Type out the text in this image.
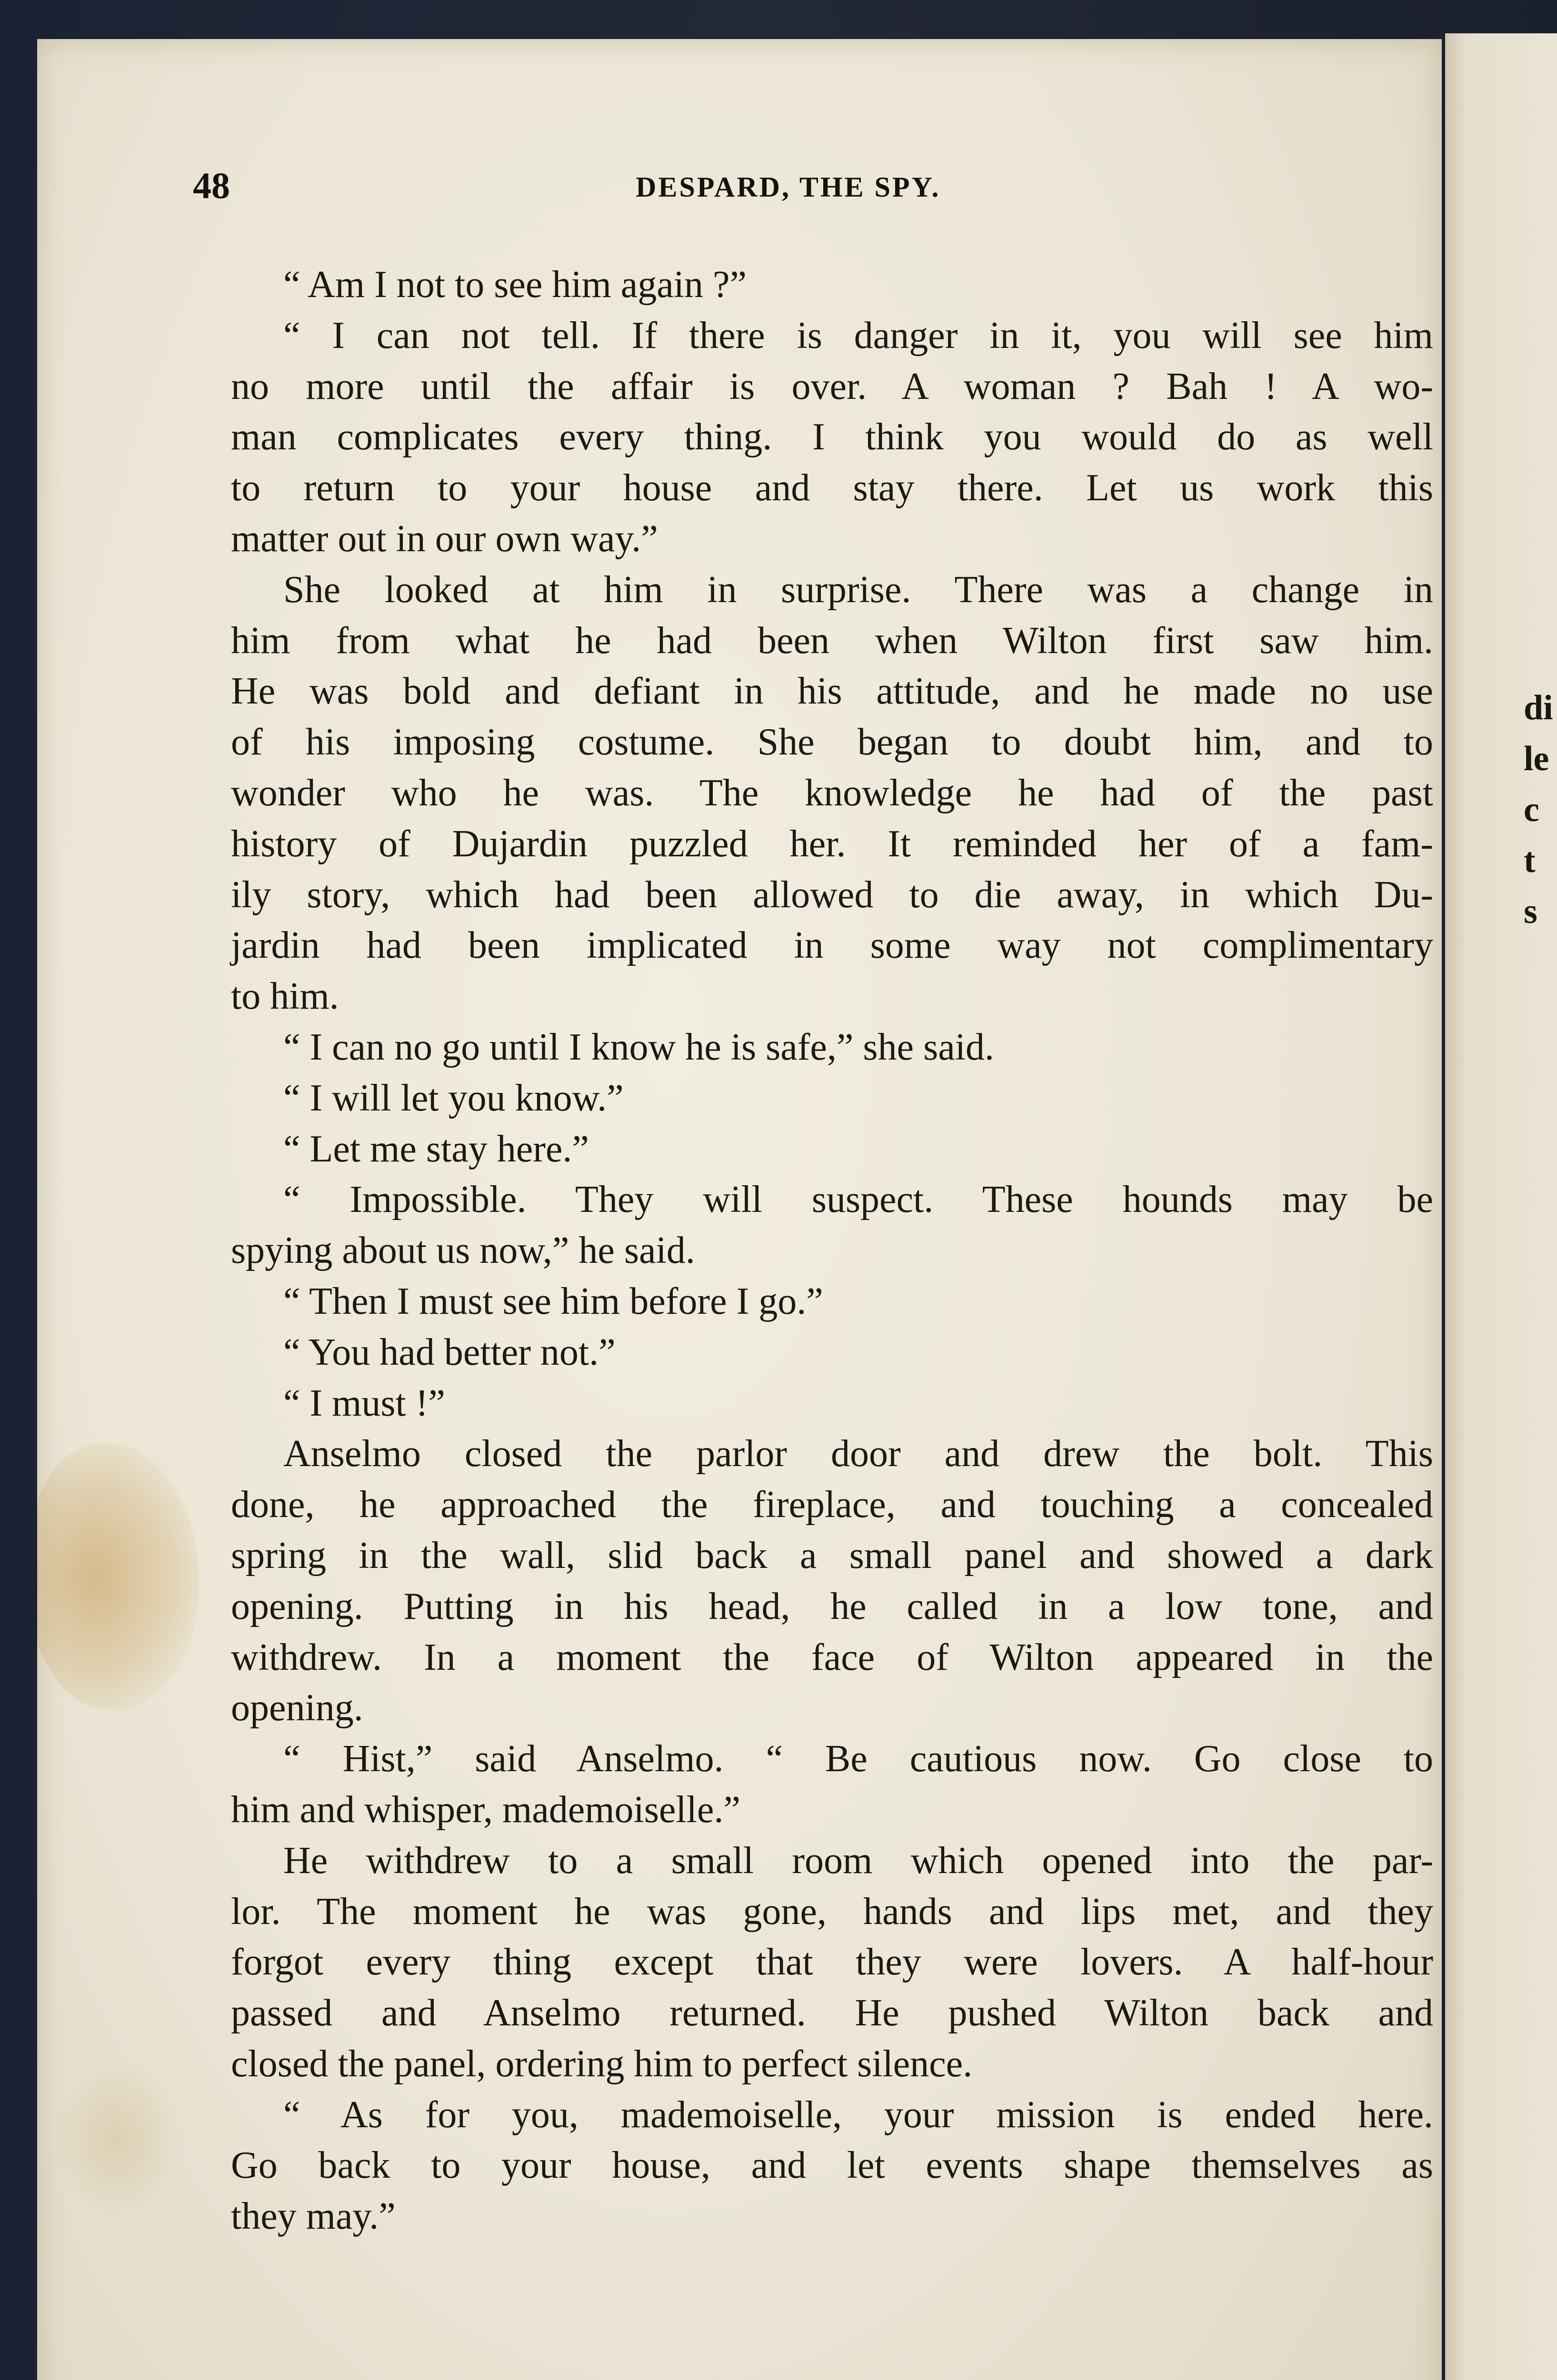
di
le
c
t
s
48	DESPARD, THE SPY.
“ Am I not to see him again ?”
“ I can not tell. If there is danger in it, you will see him
no more until the affair is over. A woman ? Bah ! A wo-
man complicates every thing. I think you would do as well
to return to your house and stay there. Let us work this
matter out in our own way.”
She looked at him in surprise. There was a change in
him from what he had been when Wilton first saw him.
He was bold and defiant in his attitude, and he made no use
of his imposing costume. She began to doubt him, and to
wonder who he was. The knowledge he had of the past
history of Dujardin puzzled her. It reminded her of a fam-
ily story, which had been allowed to die away, in which Du-
jardin had been implicated in some way not complimentary
to him.
“ I can no go until I know he is safe,” she said.
“ I will let you know.”
“ Let me stay here.”
“ Impossible. They will suspect. These hounds may be
spying about us now,” he said.
“ Then I must see him before I go.”
“ You had better not.”
“ I must !”
Anselmo closed the parlor door and drew the bolt. This
done, he approached the fireplace, and touching a concealed
spring in the wall, slid back a small panel and showed a dark
opening. Putting in his head, he called in a low tone, and
withdrew. In a moment the face of Wilton appeared in the
opening.
“ Hist,” said Anselmo. “ Be cautious now. Go close to
him and whisper, mademoiselle.”
He withdrew to a small room which opened into the par-
lor. The moment he was gone, hands and lips met, and they
forgot every thing except that they were lovers. A half-hour
passed and Anselmo returned. He pushed Wilton back and
closed the panel, ordering him to perfect silence.
“ As for you, mademoiselle, your mission is ended here.
Go back to your house, and let events shape themselves as
they may.”
